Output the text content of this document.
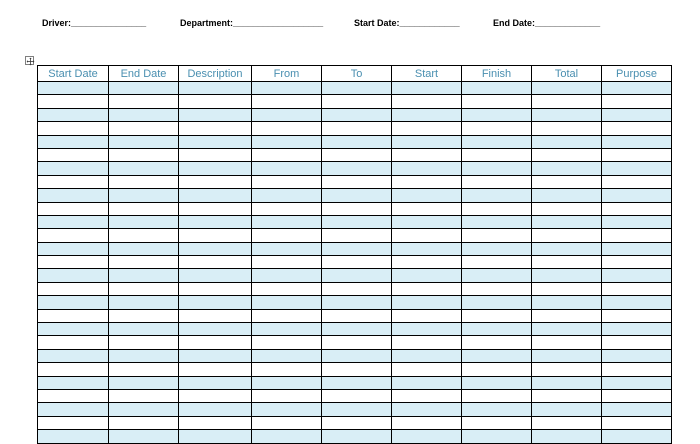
Driver:_______________	Department:__________________	Start Date:____________	End Date:_____________
Start Date	End Date	Description	From	To	Start	Finish	Total	Purpose
